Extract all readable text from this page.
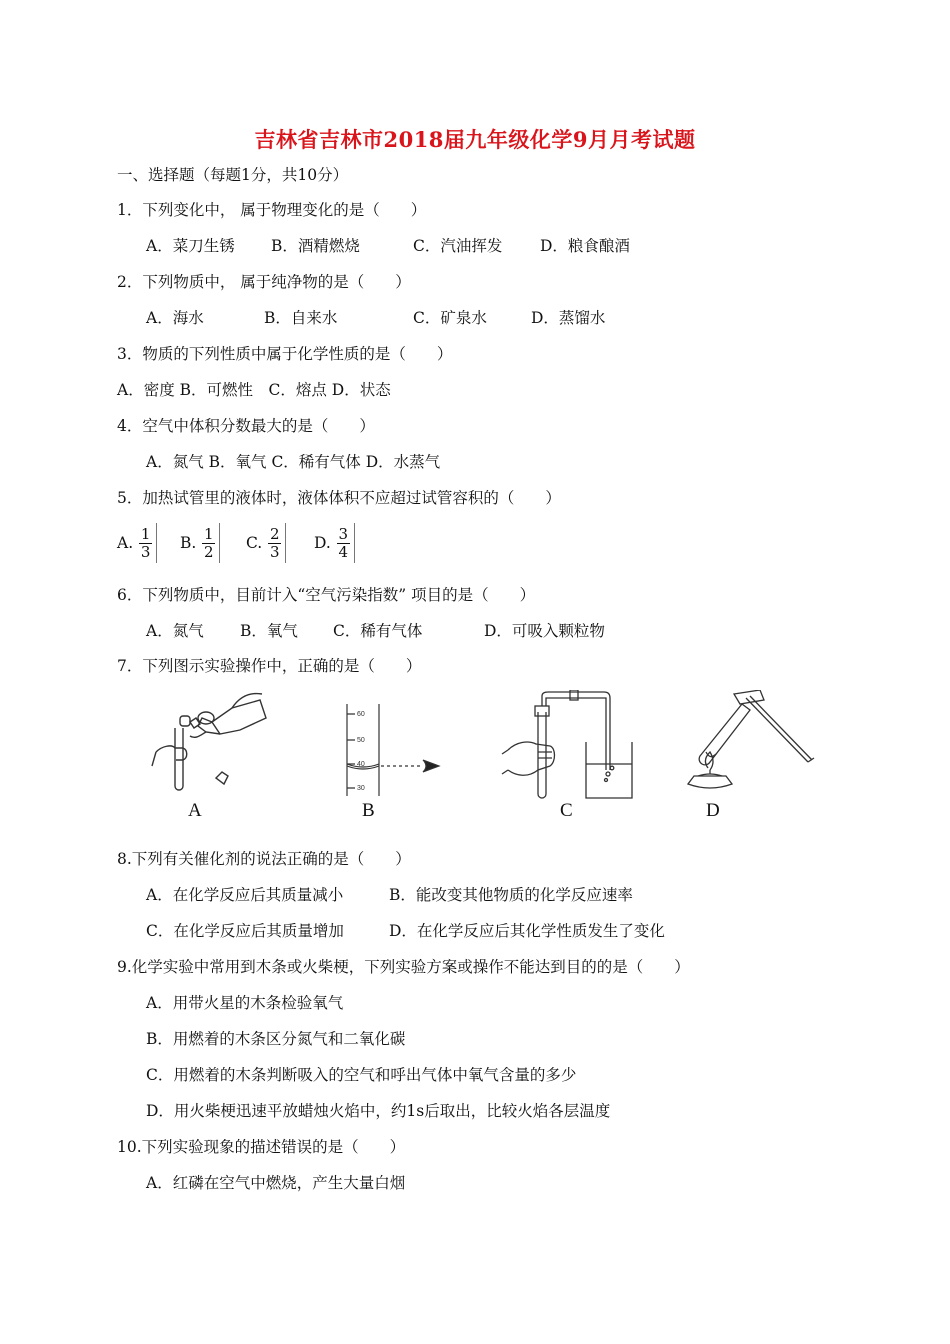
吉林省吉林市2018届九年级化学9月月考试题
一、选择题（每题1分，共10分）
1．下列变化中， 属于物理变化的是（　　）
A．菜刀生锈 B．酒精燃烧	C．汽油挥发 D．粮食酿酒
2．下列物质中， 属于纯净物的是（　　）
A．海水	B．自来水	C．矿泉水	D．蒸馏水
3．物质的下列性质中属于化学性质的是（　　）
A．密度 B．可燃性　C．熔点 D．状态
4．空气中体积分数最大的是（　　）
A．氮气 B．氧气 C．稀有气体 D．水蒸气
5．加热试管里的液体时，液体体积不应超过试管容积的（　　）
A.
1
3 B.
1
2 C.
2
3 D.
3
4
6．下列物质中，目前计入“空气污染指数” 项目的是（　　）
A．氮气 B．氧气 C．稀有气体	D．可吸入颗粒物
7．下列图示实验操作中，正确的是（　　）
A
60
50
40
30
B	C	D
8.下列有关催化剂的说法正确的是（　　）
A．在化学反应后其质量减小	B．能改变其他物质的化学反应速率
C．在化学反应后其质量增加	D．在化学反应后其化学性质发生了变化
9.化学实验中常用到木条或火柴梗，下列实验方案或操作不能达到目的的是（　　）
A．用带火星的木条检验氧气
B．用燃着的木条区分氮气和二氧化碳
C．用燃着的木条判断吸入的空气和呼出气体中氧气含量的多少
D．用火柴梗迅速平放蜡烛火焰中，约1s后取出，比较火焰各层温度
10.下列实验现象的描述错误的是（　　）
A．红磷在空气中燃烧，产生大量白烟
